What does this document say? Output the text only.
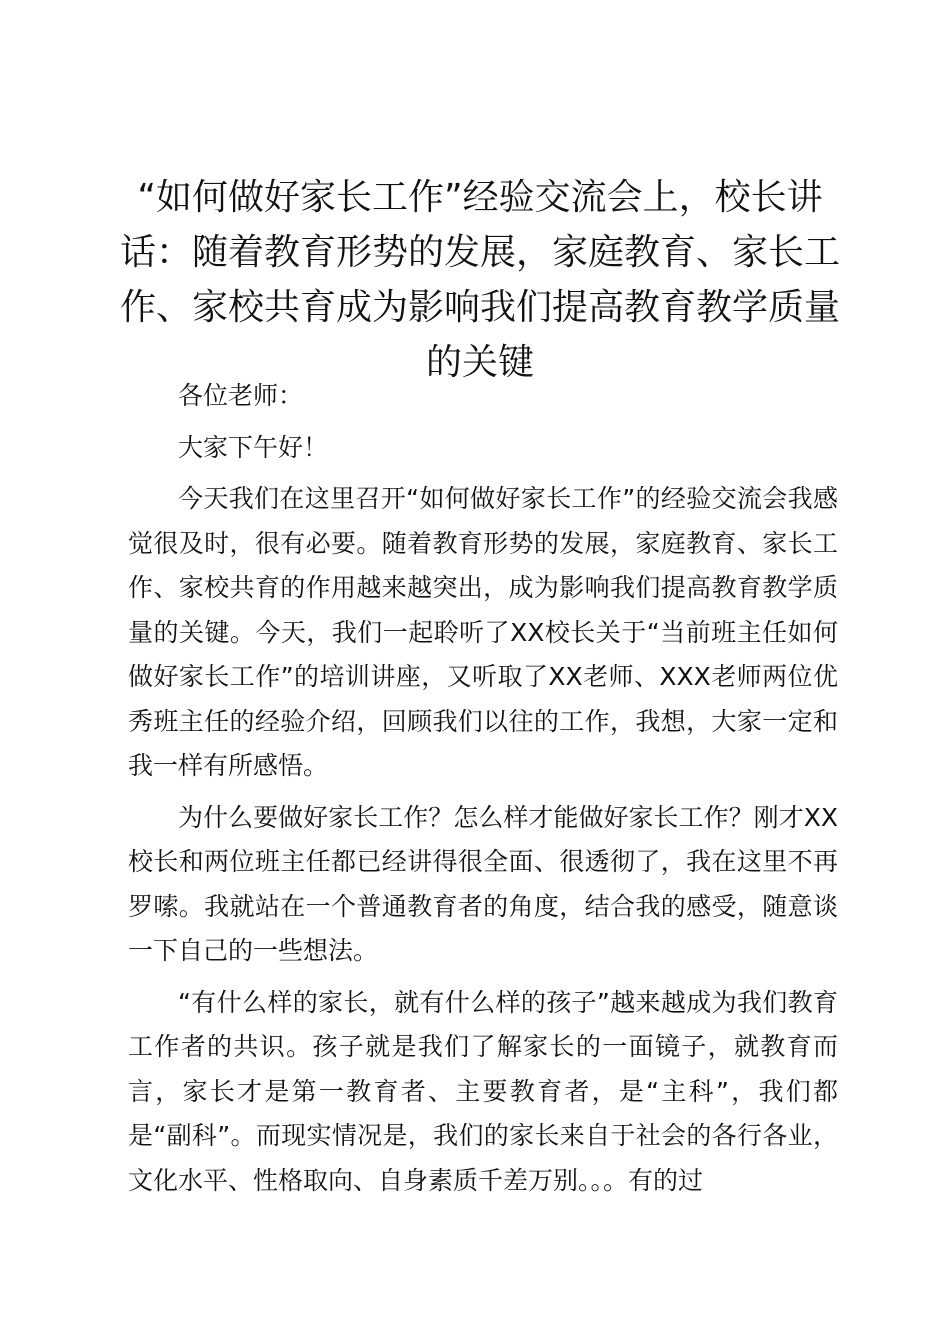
“如何做好家长工作”经验交流会上，校长讲话：随着教育形势的发展，家庭教育、家长工作、家校共育成为影响我们提高教育教学质量的关键

各位老师：

大家下午好！

今天我们在这里召开“如何做好家长工作”的经验交流会我感觉很及时，很有必要。随着教育形势的发展，家庭教育、家长工作、家校共育的作用越来越突出，成为影响我们提高教育教学质量的关键。今天，我们一起聆听了XX校长关于“当前班主任如何做好家长工作”的培训讲座，又听取了XX老师、XXX老师两位优秀班主任的经验介绍，回顾我们以往的工作，我想，大家一定和我一样有所感悟。

为什么要做好家长工作？怎么样才能做好家长工作？刚才XX校长和两位班主任都已经讲得很全面、很透彻了，我在这里不再罗嗦。我就站在一个普通教育者的角度，结合我的感受，随意谈一下自己的一些想法。

“有什么样的家长，就有什么样的孩子”越来越成为我们教育工作者的共识。孩子就是我们了解家长的一面镜子，就教育而言，家长才是第一教育者、主要教育者，是“主科”，我们都是“副科”。而现实情况是，我们的家长来自于社会的各行各业，文化水平、性格取向、自身素质千差万别。。。有的过
